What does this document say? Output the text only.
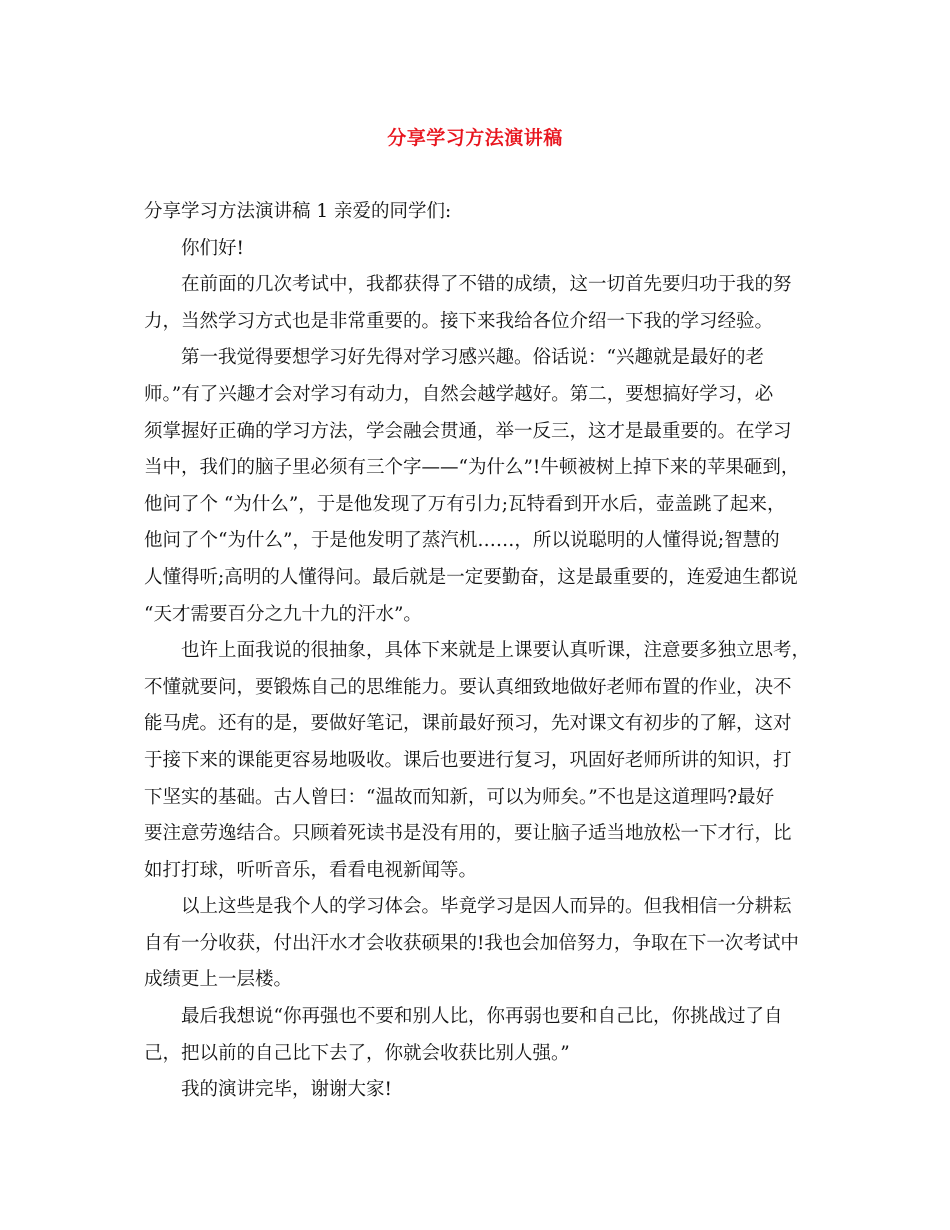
分享学习方法演讲稿
分享学习方法演讲稿 1 亲爱的同学们:
你们好!
在前面的几次考试中，我都获得了不错的成绩，这一切首先要归功于我的努
力，当然学习方式也是非常重要的。接下来我给各位介绍一下我的学习经验。
第一我觉得要想学习好先得对学习感兴趣。俗话说：“兴趣就是最好的老
师。”有了兴趣才会对学习有动力，自然会越学越好。第二，要想搞好学习，必
须掌握好正确的学习方法，学会融会贯通，举一反三，这才是最重要的。在学习
当中，我们的脑子里必须有三个字——“为什么”!牛顿被树上掉下来的苹果砸到，
他问了个 “为什么”，于是他发现了万有引力;瓦特看到开水后，壶盖跳了起来，
他问了个“为什么”，于是他发明了蒸汽机……，所以说聪明的人懂得说;智慧的
人懂得听;高明的人懂得问。最后就是一定要勤奋，这是最重要的，连爱迪生都说
“天才需要百分之九十九的汗水”。
也许上面我说的很抽象，具体下来就是上课要认真听课，注意要多独立思考，
不懂就要问，要锻炼自己的思维能力。要认真细致地做好老师布置的作业，决不
能马虎。还有的是，要做好笔记，课前最好预习，先对课文有初步的了解，这对
于接下来的课能更容易地吸收。课后也要进行复习，巩固好老师所讲的知识，打
下坚实的基础。古人曾曰：“温故而知新，可以为师矣。”不也是这道理吗?最好
要注意劳逸结合。只顾着死读书是没有用的，要让脑子适当地放松一下才行，比
如打打球，听听音乐，看看电视新闻等。
以上这些是我个人的学习体会。毕竟学习是因人而异的。但我相信一分耕耘
自有一分收获，付出汗水才会收获硕果的!我也会加倍努力，争取在下一次考试中
成绩更上一层楼。
最后我想说“你再强也不要和别人比，你再弱也要和自己比，你挑战过了自
己，把以前的自己比下去了，你就会收获比别人强。”
我的演讲完毕，谢谢大家!
